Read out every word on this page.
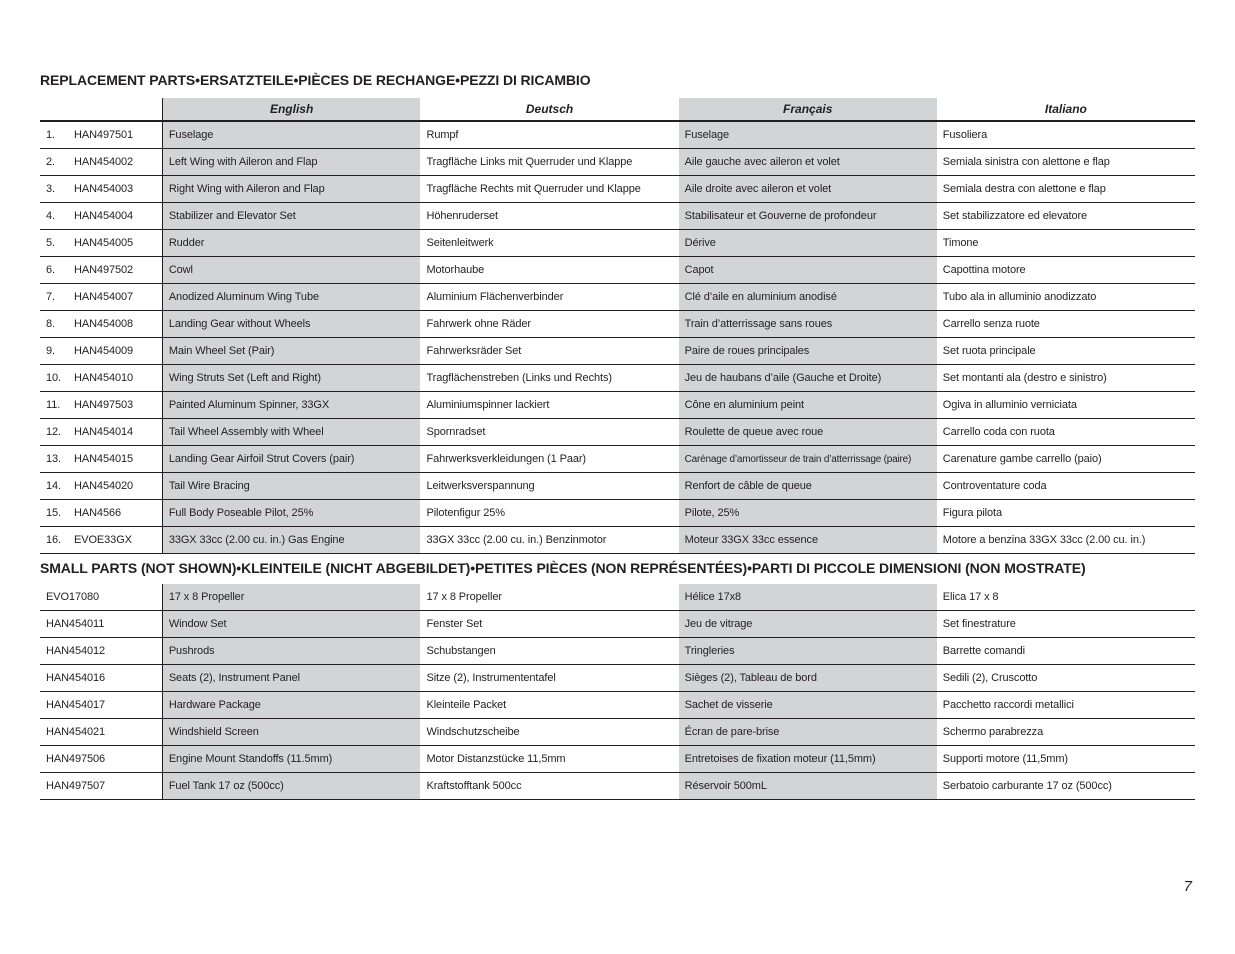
REPLACEMENT PARTS•ERSATZTEILE•PIÈCES DE RECHANGE•PEZZI DI RICAMBIO
	English	Deutsch	Français	Italiano
1. HAN497501	Fuselage	Rumpf	Fuselage	Fusoliera
2. HAN454002	Left Wing with Aileron and Flap	Tragfläche Links mit Querruder und Klappe	Aile gauche avec aileron et volet	Semiala sinistra con alettone e flap
3. HAN454003	Right Wing with Aileron and Flap	Tragfläche Rechts mit Querruder und Klappe	Aile droite avec aileron et volet	Semiala destra con alettone e flap
4. HAN454004	Stabilizer and Elevator Set	Höhenruderset	Stabilisateur et Gouverne de profondeur	Set stabilizzatore ed elevatore
5. HAN454005	Rudder	Seitenleitwerk	Dérive	Timone
6. HAN497502	Cowl	Motorhaube	Capot	Capottina motore
7. HAN454007	Anodized Aluminum Wing Tube	Aluminium Flächenverbinder	Clé d’aile en aluminium anodisé	Tubo ala in alluminio anodizzato
8. HAN454008	Landing Gear without Wheels	Fahrwerk ohne Räder	Train d’atterrissage sans roues	Carrello senza ruote
9. HAN454009	Main Wheel Set (Pair)	Fahrwerksräder Set	Paire de roues principales	Set ruota principale
10. HAN454010	Wing Struts Set (Left and Right)	Tragflächenstreben (Links und Rechts)	Jeu de haubans d’aile (Gauche et Droite)	Set montanti ala (destro e sinistro)
11. HAN497503	Painted Aluminum Spinner, 33GX	Aluminiumspinner lackiert	Cône en aluminium peint	Ogiva in alluminio verniciata
12. HAN454014	Tail Wheel Assembly with Wheel	Spornradset	Roulette de queue avec roue	Carrello coda con ruota
13. HAN454015	Landing Gear Airfoil Strut Covers (pair)	Fahrwerksverkleidungen (1 Paar)	Carénage d’amortisseur de train d’atterrissage (paire)	Carenature gambe carrello (paio)
14. HAN454020	Tail Wire Bracing	Leitwerksverspannung	Renfort de câble de queue	Controventature coda
15. HAN4566	Full Body Poseable Pilot, 25%	Pilotenfigur 25%	Pilote, 25%	Figura pilota
16. EVOE33GX	33GX 33cc (2.00 cu. in.) Gas Engine	33GX 33cc (2.00 cu. in.) Benzinmotor	Moteur 33GX 33cc essence	Motore a benzina 33GX 33cc (2.00 cu. in.)
SMALL PARTS (NOT SHOWN)•KLEINTEILE (NICHT ABGEBILDET)•PETITES PIÈCES (NON REPRÉSENTÉES)•PARTI DI PICCOLE DIMENSIONI (NON MOSTRATE)
EVO17080	17 x 8 Propeller	17 x 8 Propeller	Hélice 17x8	Elica 17 x 8
HAN454011	Window Set	Fenster Set	Jeu de vitrage	Set finestrature
HAN454012	Pushrods	Schubstangen	Tringleries	Barrette comandi
HAN454016	Seats (2), Instrument Panel	Sitze (2), Instrumententafel	Sièges (2), Tableau de bord	Sedili (2), Cruscotto
HAN454017	Hardware Package	Kleinteile Packet	Sachet de visserie	Pacchetto raccordi metallici
HAN454021	Windshield Screen	Windschutzscheibe	Écran de pare-brise	Schermo parabrezza
HAN497506	Engine Mount Standoffs (11.5mm)	Motor Distanzstücke 11,5mm	Entretoises de fixation moteur (11,5mm)	Supporti motore (11,5mm)
HAN497507	Fuel Tank 17 oz (500cc)	Kraftstofftank 500cc	Réservoir 500mL	Serbatoio carburante 17 oz (500cc)
7
